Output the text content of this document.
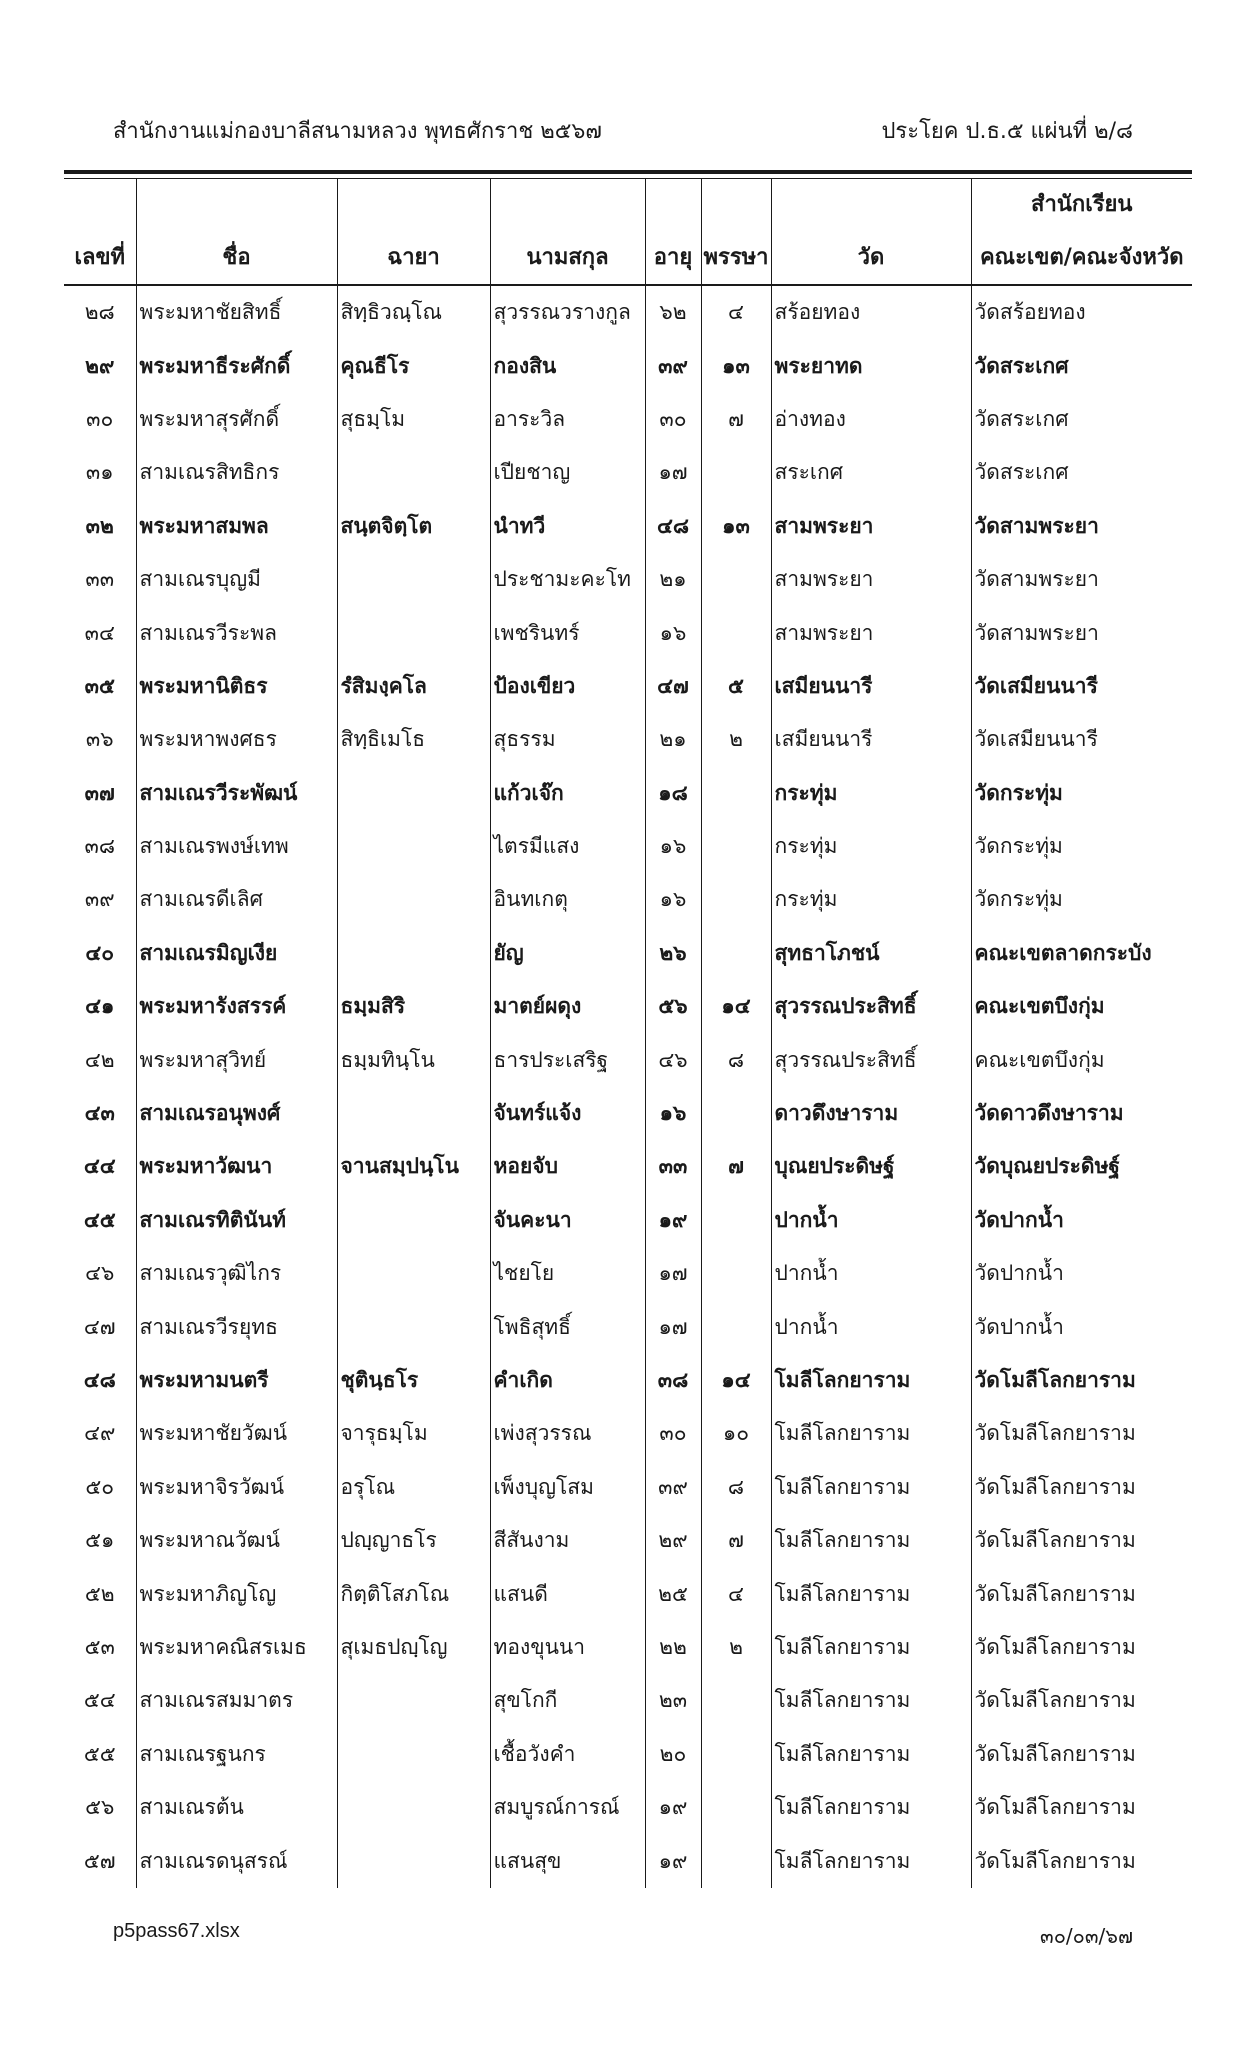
สำนักงานแม่กองบาลีสนามหลวง พุทธศักราช ๒๕๖๗	ประโยค ป.ธ.๕ แผ่นที่ ๒/๘
เลขที่	ชื่อ	ฉายา	นามสกุล	อายุ	พรรษา	วัด	สำนักเรียน
คณะเขต/คณะจังหวัด

๒๘	พระมหาชัยสิทธิ์	สิทฺธิวณฺโณ	สุวรรณวรางกูล	๖๒	๔	สร้อยทอง	วัดสร้อยทอง
๒๙	พระมหาธีระศักดิ์	คุณธีโร	กองสิน	๓๙	๑๓	พระยาทด	วัดสระเกศ
๓๐	พระมหาสุรศักดิ์	สุธมฺโม	อาระวิล	๓๐	๗	อ่างทอง	วัดสระเกศ
๓๑	สามเณรสิทธิกร		เปียชาญ	๑๗		สระเกศ	วัดสระเกศ
๓๒	พระมหาสมพล	สนฺตจิตฺโต	นำทวี	๔๘	๑๓	สามพระยา	วัดสามพระยา
๓๓	สามเณรบุญมี		ประชามะคะโท	๒๑		สามพระยา	วัดสามพระยา
๓๔	สามเณรวีระพล		เพชรินทร์	๑๖		สามพระยา	วัดสามพระยา
๓๕	พระมหานิติธร	รํสิมงฺคโล	ป้องเขียว	๔๗	๕	เสมียนนารี	วัดเสมียนนารี
๓๖	พระมหาพงศธร	สิทฺธิเมโธ	สุธรรม	๒๑	๒	เสมียนนารี	วัดเสมียนนารี
๓๗	สามเณรวีระพัฒน์		แก้วเจ๊ก	๑๘		กระทุ่ม	วัดกระทุ่ม
๓๘	สามเณรพงษ์เทพ		ไตรมีแสง	๑๖		กระทุ่ม	วัดกระทุ่ม
๓๙	สามเณรดีเลิศ		อินทเกตุ	๑๖		กระทุ่ม	วัดกระทุ่ม
๔๐	สามเณรมิญเงีย		ยัญ	๒๖		สุทธาโภชน์	คณะเขตลาดกระบัง
๔๑	พระมหารังสรรค์	ธมฺมสิริ	มาตย์ผดุง	๕๖	๑๔	สุวรรณประสิทธิ์	คณะเขตบึงกุ่ม
๔๒	พระมหาสุวิทย์	ธมฺมทินฺโน	ธารประเสริฐ	๔๖	๘	สุวรรณประสิทธิ์	คณะเขตบึงกุ่ม
๔๓	สามเณรอนุพงศ์		จันทร์แจ้ง	๑๖		ดาวดึงษาราม	วัดดาวดึงษาราม
๔๔	พระมหาวัฒนา	จานสมฺปนฺโน	หอยจับ	๓๓	๗	บุณยประดิษฐ์	วัดบุณยประดิษฐ์
๔๕	สามเณรทิตินันท์		จันคะนา	๑๙		ปากน้ำ	วัดปากน้ำ
๔๖	สามเณรวุฒิไกร		ไชยโย	๑๗		ปากน้ำ	วัดปากน้ำ
๔๗	สามเณรวีรยุทธ		โพธิสุทธิ์	๑๗		ปากน้ำ	วัดปากน้ำ
๔๘	พระมหามนตรี	ชุตินฺธโร	คำเกิด	๓๘	๑๔	โมลีโลกยาราม	วัดโมลีโลกยาราม
๔๙	พระมหาชัยวัฒน์	จารุธมฺโม	เพ่งสุวรรณ	๓๐	๑๐	โมลีโลกยาราม	วัดโมลีโลกยาราม
๕๐	พระมหาจิรวัฒน์	อรุโณ	เพ็งบุญโสม	๓๙	๘	โมลีโลกยาราม	วัดโมลีโลกยาราม
๕๑	พระมหาณวัฒน์	ปญฺญาธโร	สีสันงาม	๒๙	๗	โมลีโลกยาราม	วัดโมลีโลกยาราม
๕๒	พระมหาภิญโญ	กิตฺติโสภโณ	แสนดี	๒๕	๔	โมลีโลกยาราม	วัดโมลีโลกยาราม
๕๓	พระมหาคณิสรเมธ	สุเมธปญฺโญ	ทองขุนนา	๒๒	๒	โมลีโลกยาราม	วัดโมลีโลกยาราม
๕๔	สามเณรสมมาตร		สุขโกกี	๒๓		โมลีโลกยาราม	วัดโมลีโลกยาราม
๕๕	สามเณรฐนกร		เชื้อวังคำ	๒๐		โมลีโลกยาราม	วัดโมลีโลกยาราม
๕๖	สามเณรต้น		สมบูรณ์การณ์	๑๙		โมลีโลกยาราม	วัดโมลีโลกยาราม
๕๗	สามเณรดนุสรณ์		แสนสุข	๑๙		โมลีโลกยาราม	วัดโมลีโลกยาราม
p5pass67.xlsx	๓๐/๐๓/๖๗
